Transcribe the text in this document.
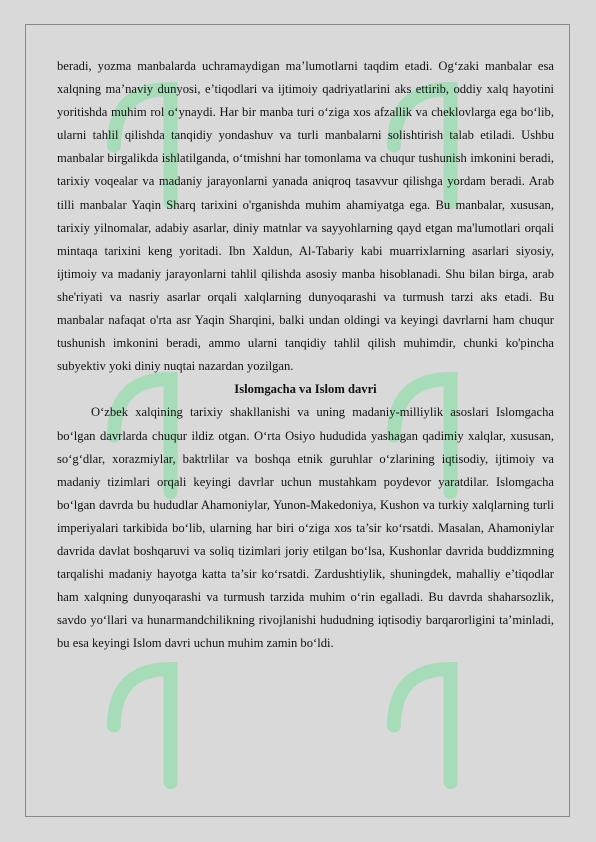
beradi, yozma manbalarda uchramaydigan ma’lumotlarni taqdim etadi. Og‘zaki manbalar esa xalqning ma’naviy dunyosi, e’tiqodlari va ijtimoiy qadriyatlarini aks ettirib, oddiy xalq hayotini yoritishda muhim rol o‘ynaydi. Har bir manba turi o‘ziga xos afzallik va cheklovlarga ega bo‘lib, ularni tahlil qilishda tanqidiy yondashuv va turli manbalarni solishtirish talab etiladi. Ushbu manbalar birgalikda ishlatilganda, o‘tmishni har tomonlama va chuqur tushunish imkonini beradi, tarixiy voqealar va madaniy jarayonlarni yanada aniqroq tasavvur qilishga yordam beradi. Arab tilli manbalar Yaqin Sharq tarixini o'rganishda muhim ahamiyatga ega. Bu manbalar, xususan, tarixiy yilnomalar, adabiy asarlar, diniy matnlar va sayyohlarning qayd etgan ma'lumotlari orqali mintaqa tarixini keng yoritadi. Ibn Xaldun, Al-Tabariy kabi muarrixlarning asarlari siyosiy, ijtimoiy va madaniy jarayonlarni tahlil qilishda asosiy manba hisoblanadi. Shu bilan birga, arab she'riyati va nasriy asarlar orqali xalqlarning dunyoqarashi va turmush tarzi aks etadi. Bu manbalar nafaqat o'rta asr Yaqin Sharqini, balki undan oldingi va keyingi davrlarni ham chuqur tushunish imkonini beradi, ammo ularni tanqidiy tahlil qilish muhimdir, chunki ko'pincha subyektiv yoki diniy nuqtai nazardan yozilgan.

Islomgacha va Islom davri

O‘zbek xalqining tarixiy shakllanishi va uning madaniy-milliylik asoslari Islomgacha bo‘lgan davrlarda chuqur ildiz otgan. O‘rta Osiyo hududida yashagan qadimiy xalqlar, xususan, so‘g‘dlar, xorazmiylar, baktrlilar va boshqa etnik guruhlar o‘zlarining iqtisodiy, ijtimoiy va madaniy tizimlari orqali keyingi davrlar uchun mustahkam poydevor yaratdilar. Islomgacha bo‘lgan davrda bu hududlar Ahamoniylar, Yunon-Makedoniya, Kushon va turkiy xalqlarning turli imperiyalari tarkibida bo‘lib, ularning har biri o‘ziga xos ta’sir ko‘rsatdi. Masalan, Ahamoniylar davrida davlat boshqaruvi va soliq tizimlari joriy etilgan bo‘lsa, Kushonlar davrida buddizmning tarqalishi madaniy hayotga katta ta’sir ko‘rsatdi. Zardushtiylik, shuningdek, mahalliy e’tiqodlar ham xalqning dunyoqarashi va turmush tarzida muhim o‘rin egalladi. Bu davrda shaharsozlik, savdo yo‘llari va hunarmandchilikning rivojlanishi hududning iqtisodiy barqarorligini ta’minladi, bu esa keyingi Islom davri uchun muhim zamin bo‘ldi.
